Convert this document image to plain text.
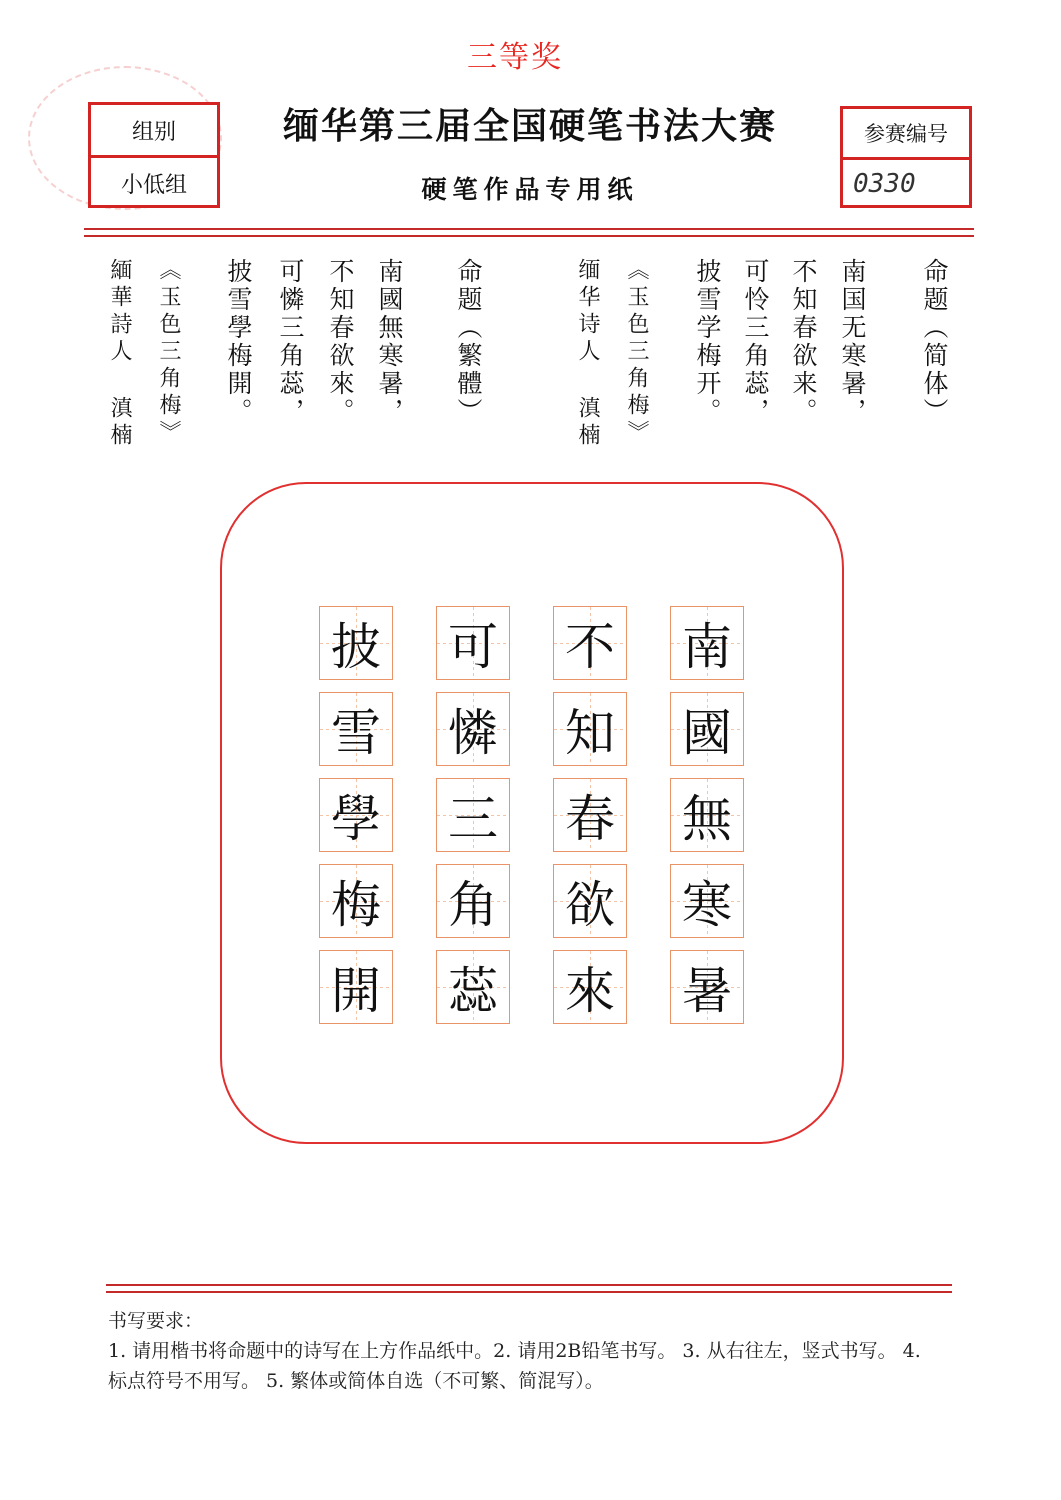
三等奖
组别
小低组
缅华第三届全国硬笔书法大赛
硬笔作品专用纸
参赛编号
0330
命题（简体）
南国无寒暑，
不知春欲来。
可怜三角蕊，
披雪学梅开。
《玉色三角梅》
缅华诗人 滇楠
命题（繁體）
南國無寒暑，
不知春欲來。
可憐三角蕊，
披雪學梅開。
《玉色三角梅》
緬華詩人 滇楠
南
國
無
寒
暑
不
知
春
欲
來
可
憐
三
角
蕊
披
雪
學
梅
開
书写要求：
1. 请用楷书将命题中的诗写在上方作品纸中。2. 请用2B铅笔书写。 3. 从右往左，竖式书写。 4. 标点符号不用写。 5. 繁体或简体自选（不可繁、简混写）。
